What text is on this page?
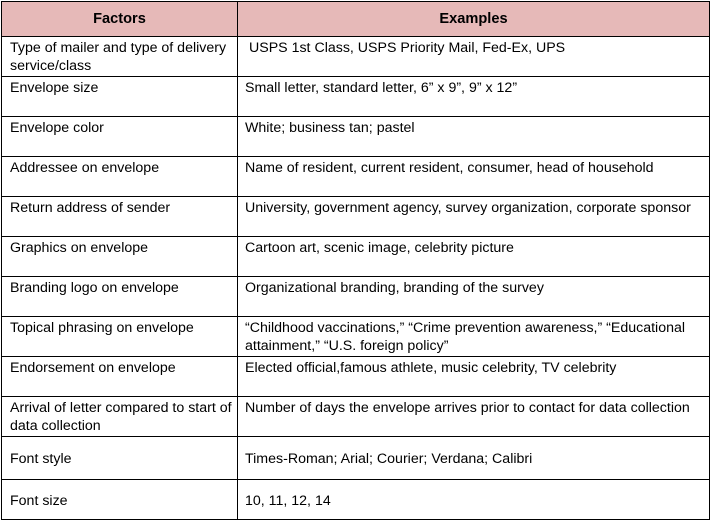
Factors	Examples
Type of mailer and type of delivery service/class	USPS 1st Class, USPS Priority Mail, Fed-Ex, UPS
Envelope size	Small letter, standard letter, 6” x 9”, 9” x 12”
Envelope color	White; business tan; pastel
Addressee on envelope	Name of resident, current resident, consumer, head of household
Return address of sender	University, government agency, survey organization, corporate sponsor
Graphics on envelope	Cartoon art, scenic image, celebrity picture
Branding logo on envelope	Organizational branding, branding of the survey
Topical phrasing on envelope	“Childhood vaccinations,” “Crime prevention awareness,” “Educational attainment,” “U.S. foreign policy”
Endorsement on envelope	Elected official,famous athlete, music celebrity, TV celebrity
Arrival of letter compared to start of data collection	Number of days the envelope arrives prior to contact for data collection
Font style	Times-Roman; Arial; Courier; Verdana; Calibri
Font size	10, 11, 12, 14
